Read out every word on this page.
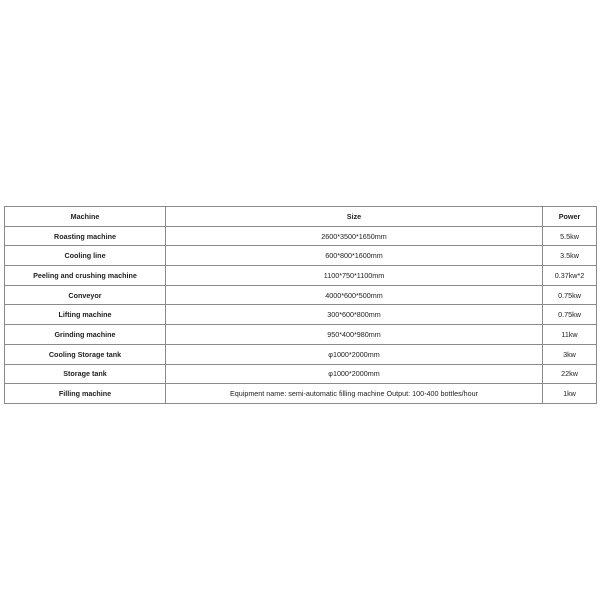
Machine	Size	Power
Roasting machine	2600*3500*1650mm	5.5kw
Cooling line	600*800*1600mm	3.5kw
Peeling and crushing machine	1100*750*1100mm	0.37kw*2
Conveyor	4000*600*500mm	0.75kw
Lifting machine	300*600*800mm	0.75kw
Grinding machine	950*400*980mm	11kw
Cooling Storage tank	φ1000*2000mm	3kw
Storage tank	φ1000*2000mm	22kw
Filling machine	Equipment name: semi-automatic filling machine Output: 100-400 bottles/hour	1kw
